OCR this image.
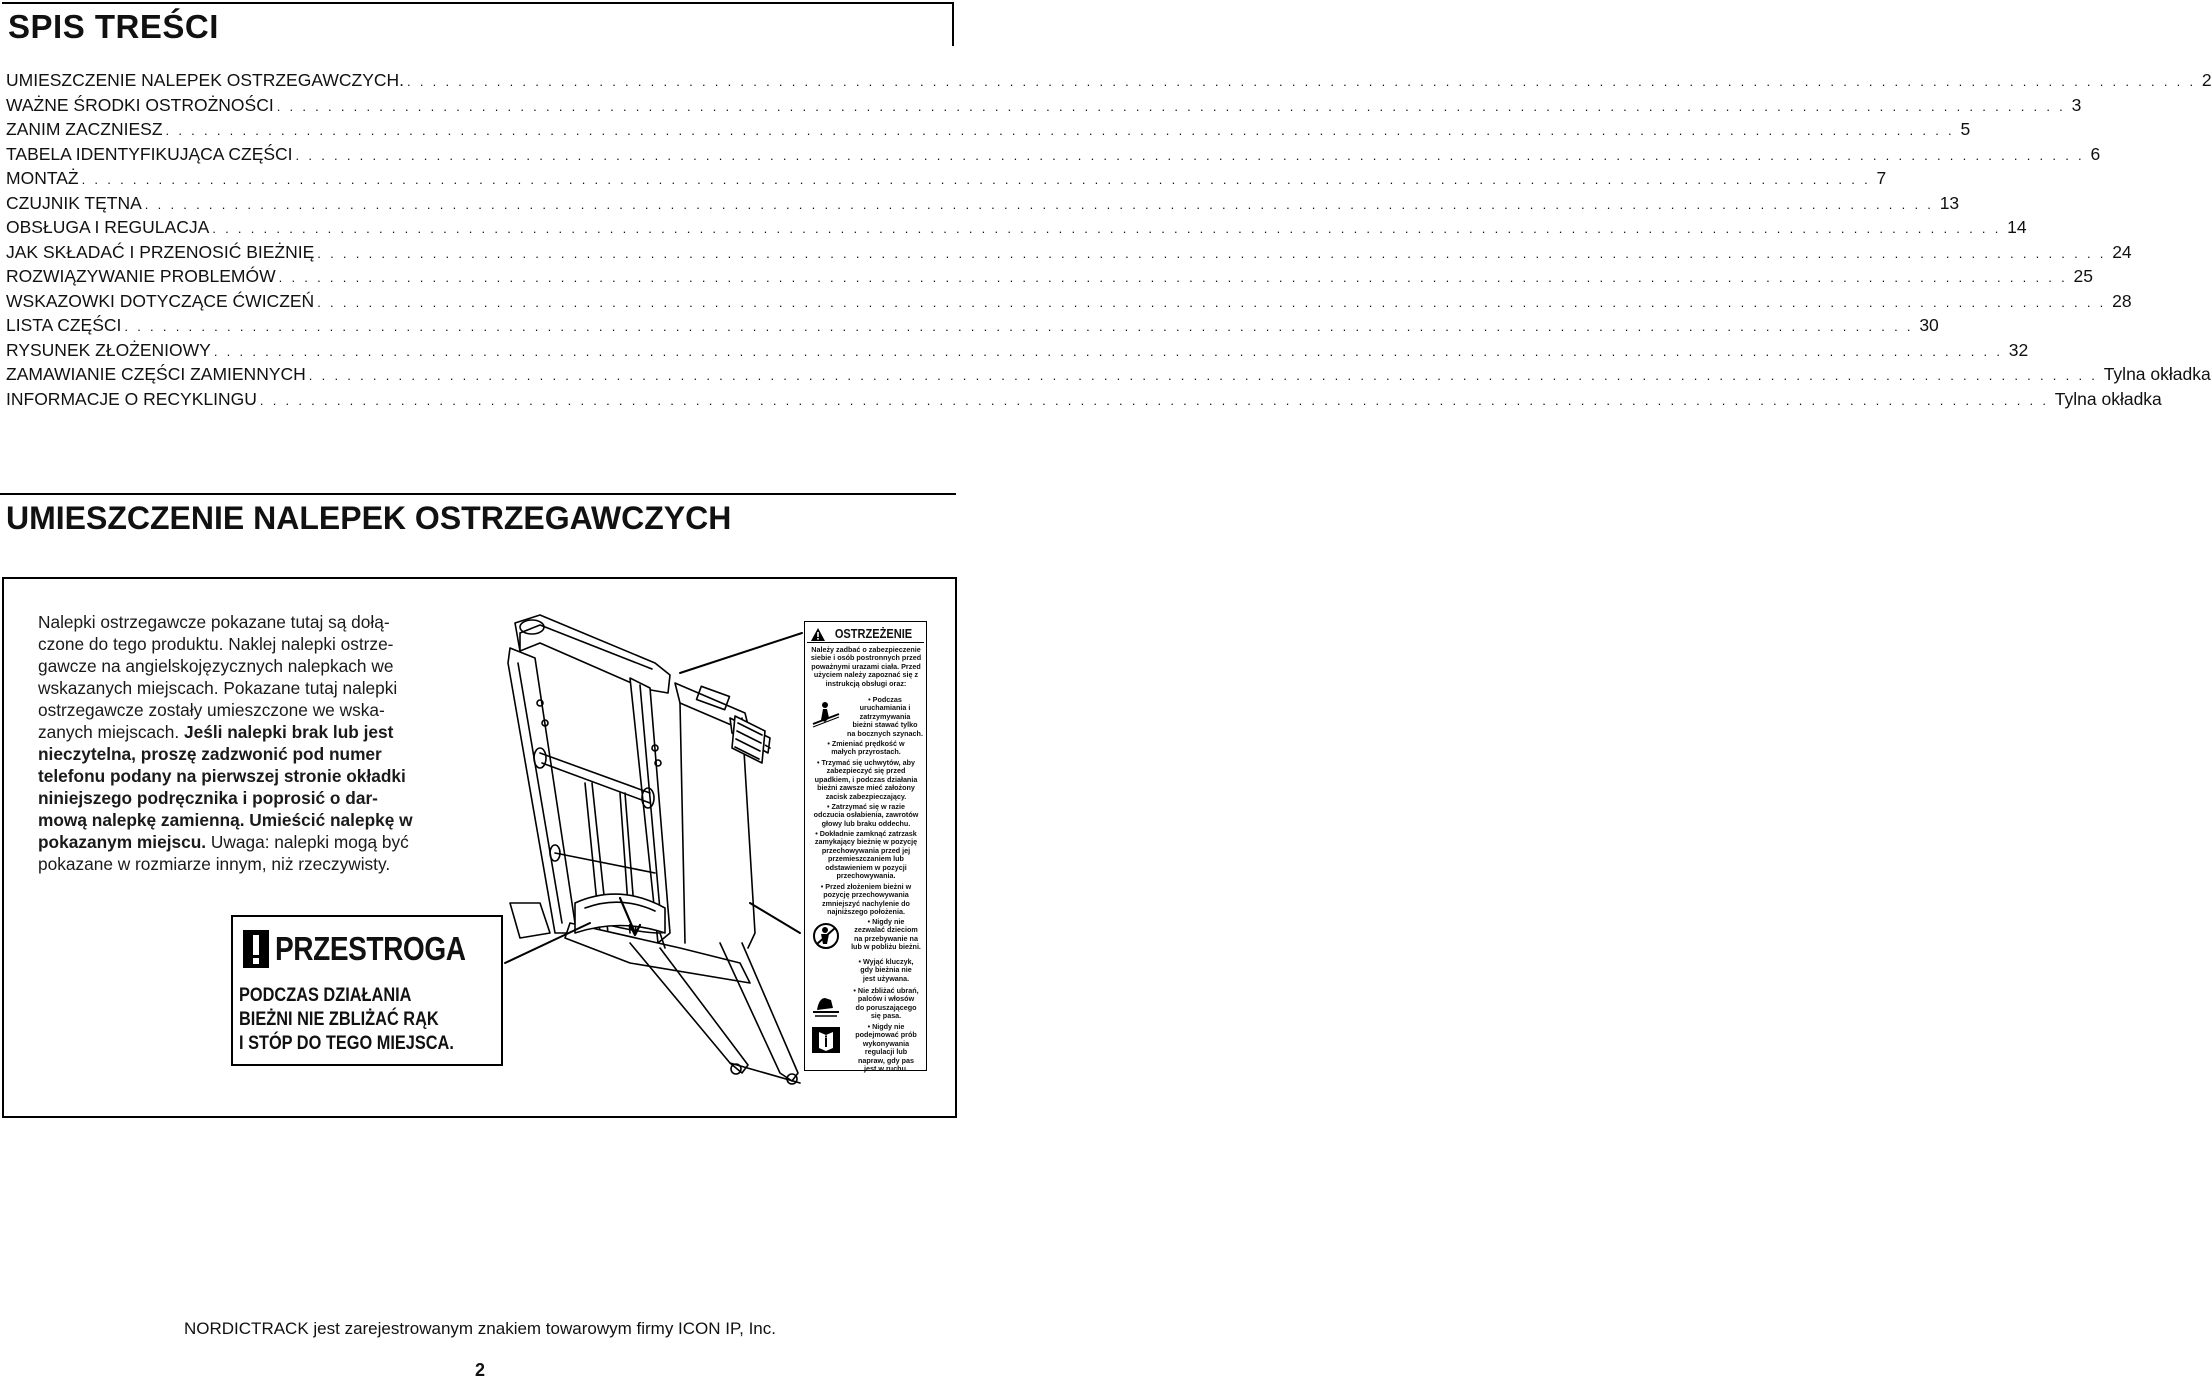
SPIS TREŚCI
UMIESZCZENIE NALEPEK OSTRZEGAWCZYCH. . . . . . . . . . . . . . . . . . . . . . . . . . . . . . . . . . . . . . . . . . . . . . . . . . . . . . . . . . . . . . . . . . . . . . . . . . . . . . . . . . . . . . . . . . . . . . . . . . . . . . . . . . . . . . . . . . . . . . . . . . . . . . . . . . . . . . . . . . . . . 2
WAŻNE ŚRODKI OSTROŻNOŚCI . . . . . . . . . . . . . . . . . . . . . . . . . . . . . . . . . . . . . . . . . . . . . . . . . . . . . . . . . . . . . . . . . . . . . . . . . . . . . . . . . . . . . . . . . . . . . . . . . . . . . . . . . . . . . . . . . . . . . . . . . . . . . . . . . . . . . . . . . . . . 3
ZANIM ZACZNIESZ . . . . . . . . . . . . . . . . . . . . . . . . . . . . . . . . . . . . . . . . . . . . . . . . . . . . . . . . . . . . . . . . . . . . . . . . . . . . . . . . . . . . . . . . . . . . . . . . . . . . . . . . . . . . . . . . . . . . . . . . . . . . . . . . . . . . . . . . . . . . 5
TABELA IDENTYFIKUJĄCA CZĘŚCI . . . . . . . . . . . . . . . . . . . . . . . . . . . . . . . . . . . . . . . . . . . . . . . . . . . . . . . . . . . . . . . . . . . . . . . . . . . . . . . . . . . . . . . . . . . . . . . . . . . . . . . . . . . . . . . . . . . . . . . . . . . . . . . . . . . . . . . . . . . . 6
MONTAŻ . . . . . . . . . . . . . . . . . . . . . . . . . . . . . . . . . . . . . . . . . . . . . . . . . . . . . . . . . . . . . . . . . . . . . . . . . . . . . . . . . . . . . . . . . . . . . . . . . . . . . . . . . . . . . . . . . . . . . . . . . . . . . . . . . . . . . . . . . . . . 7
CZUJNIK TĘTNA . . . . . . . . . . . . . . . . . . . . . . . . . . . . . . . . . . . . . . . . . . . . . . . . . . . . . . . . . . . . . . . . . . . . . . . . . . . . . . . . . . . . . . . . . . . . . . . . . . . . . . . . . . . . . . . . . . . . . . . . . . . . . . . . . . . . . . . . . . . . 13
OBSŁUGA I REGULACJA . . . . . . . . . . . . . . . . . . . . . . . . . . . . . . . . . . . . . . . . . . . . . . . . . . . . . . . . . . . . . . . . . . . . . . . . . . . . . . . . . . . . . . . . . . . . . . . . . . . . . . . . . . . . . . . . . . . . . . . . . . . . . . . . . . . . . . . . . . . . 14
JAK SKŁADAĆ I PRZENOSIĆ BIEŻNIĘ . . . . . . . . . . . . . . . . . . . . . . . . . . . . . . . . . . . . . . . . . . . . . . . . . . . . . . . . . . . . . . . . . . . . . . . . . . . . . . . . . . . . . . . . . . . . . . . . . . . . . . . . . . . . . . . . . . . . . . . . . . . . . . . . . . . . . . . . . . . . 24
ROZWIĄZYWANIE PROBLEMÓW . . . . . . . . . . . . . . . . . . . . . . . . . . . . . . . . . . . . . . . . . . . . . . . . . . . . . . . . . . . . . . . . . . . . . . . . . . . . . . . . . . . . . . . . . . . . . . . . . . . . . . . . . . . . . . . . . . . . . . . . . . . . . . . . . . . . . . . . . . . . 25
WSKAZOWKI DOTYCZĄCE ĆWICZEŃ . . . . . . . . . . . . . . . . . . . . . . . . . . . . . . . . . . . . . . . . . . . . . . . . . . . . . . . . . . . . . . . . . . . . . . . . . . . . . . . . . . . . . . . . . . . . . . . . . . . . . . . . . . . . . . . . . . . . . . . . . . . . . . . . . . . . . . . . . . . . 28
LISTA CZĘŚCI . . . . . . . . . . . . . . . . . . . . . . . . . . . . . . . . . . . . . . . . . . . . . . . . . . . . . . . . . . . . . . . . . . . . . . . . . . . . . . . . . . . . . . . . . . . . . . . . . . . . . . . . . . . . . . . . . . . . . . . . . . . . . . . . . . . . . . . . . . . . 30
RYSUNEK ZŁOŻENIOWY . . . . . . . . . . . . . . . . . . . . . . . . . . . . . . . . . . . . . . . . . . . . . . . . . . . . . . . . . . . . . . . . . . . . . . . . . . . . . . . . . . . . . . . . . . . . . . . . . . . . . . . . . . . . . . . . . . . . . . . . . . . . . . . . . . . . . . . . . . . . 32
ZAMAWIANIE CZĘŚCI ZAMIENNYCH . . . . . . . . . . . . . . . . . . . . . . . . . . . . . . . . . . . . . . . . . . . . . . . . . . . . . . . . . . . . . . . . . . . . . . . . . . . . . . . . . . . . . . . . . . . . . . . . . . . . . . . . . . . . . . . . . . . . . . . . . . . . . . . . . . . . . . . . . . . . Tylna okładka
INFORMACJE O RECYKLINGU . . . . . . . . . . . . . . . . . . . . . . . . . . . . . . . . . . . . . . . . . . . . . . . . . . . . . . . . . . . . . . . . . . . . . . . . . . . . . . . . . . . . . . . . . . . . . . . . . . . . . . . . . . . . . . . . . . . . . . . . . . . . . . . . . . . . . . . . . . . . Tylna okładka
UMIESZCZENIE NALEPEK OSTRZEGAWCZYCH
Nalepki ostrzegawcze pokazane tutaj są dołą-
czone do tego produktu. Naklej nalepki ostrze-
gawcze na angielskojęzycznych nalepkach we
wskazanych miejscach. Pokazane tutaj nalepki
ostrzegawcze zostały umieszczone we wska-
zanych miejscach. Jeśli nalepki brak lub jest
nieczytelna, proszę zadzwonić pod numer
telefonu podany na pierwszej stronie okładki
niniejszego podręcznika i poprosić o dar-
mową nalepkę zamienną. Umieścić nalepkę w
pokazanym miejscu. Uwaga: nalepki mogą być
pokazane w rozmiarze innym, niż rzeczywisty.
PRZESTROGA
PODCZAS DZIAŁANIA
BIEŻNI NIE ZBLIŻAĆ RĄK
I STÓP DO TEGO MIEJSCA.
OSTRZEŻENIE
Należy zadbać o zabezpieczenie
siebie i osób postronnych przed
poważnymi urazami ciała. Przed
użyciem należy zapoznać się z
instrukcją obsługi oraz:
• Podczas
uruchamiania i
zatrzymywania
bieżni stawać tylko
na bocznych szynach.
• Zmieniać prędkość w
małych przyrostach.
• Trzymać się uchwytów, aby
zabezpieczyć się przed
upadkiem, i podczas działania
bieżni zawsze mieć założony
zacisk zabezpieczający.
• Zatrzymać się w razie
odczucia osłabienia, zawrotów
głowy lub braku oddechu.
• Dokładnie zamknąć zatrzask
zamykający bieżnię w pozycję
przechowywania przed jej
przemieszczaniem lub
odstawieniem w pozycji
przechowywania.
• Przed złożeniem bieżni w
pozycję przechowywania
zmniejszyć nachylenie do
najniższego położenia.
• Nigdy nie
zezwalać dzieciom
na przebywanie na
lub w pobliżu bieżni.
• Wyjąć kluczyk,
gdy bieżnia nie
jest używana.
• Nie zbliżać ubrań,
palców i włosów
do poruszającego
się pasa.
• Nigdy nie
podejmować prób
wykonywania
regulacji lub
napraw, gdy pas
jest w ruchu.
NORDICTRACK jest zarejestrowanym znakiem towarowym firmy ICON IP, Inc.
2
